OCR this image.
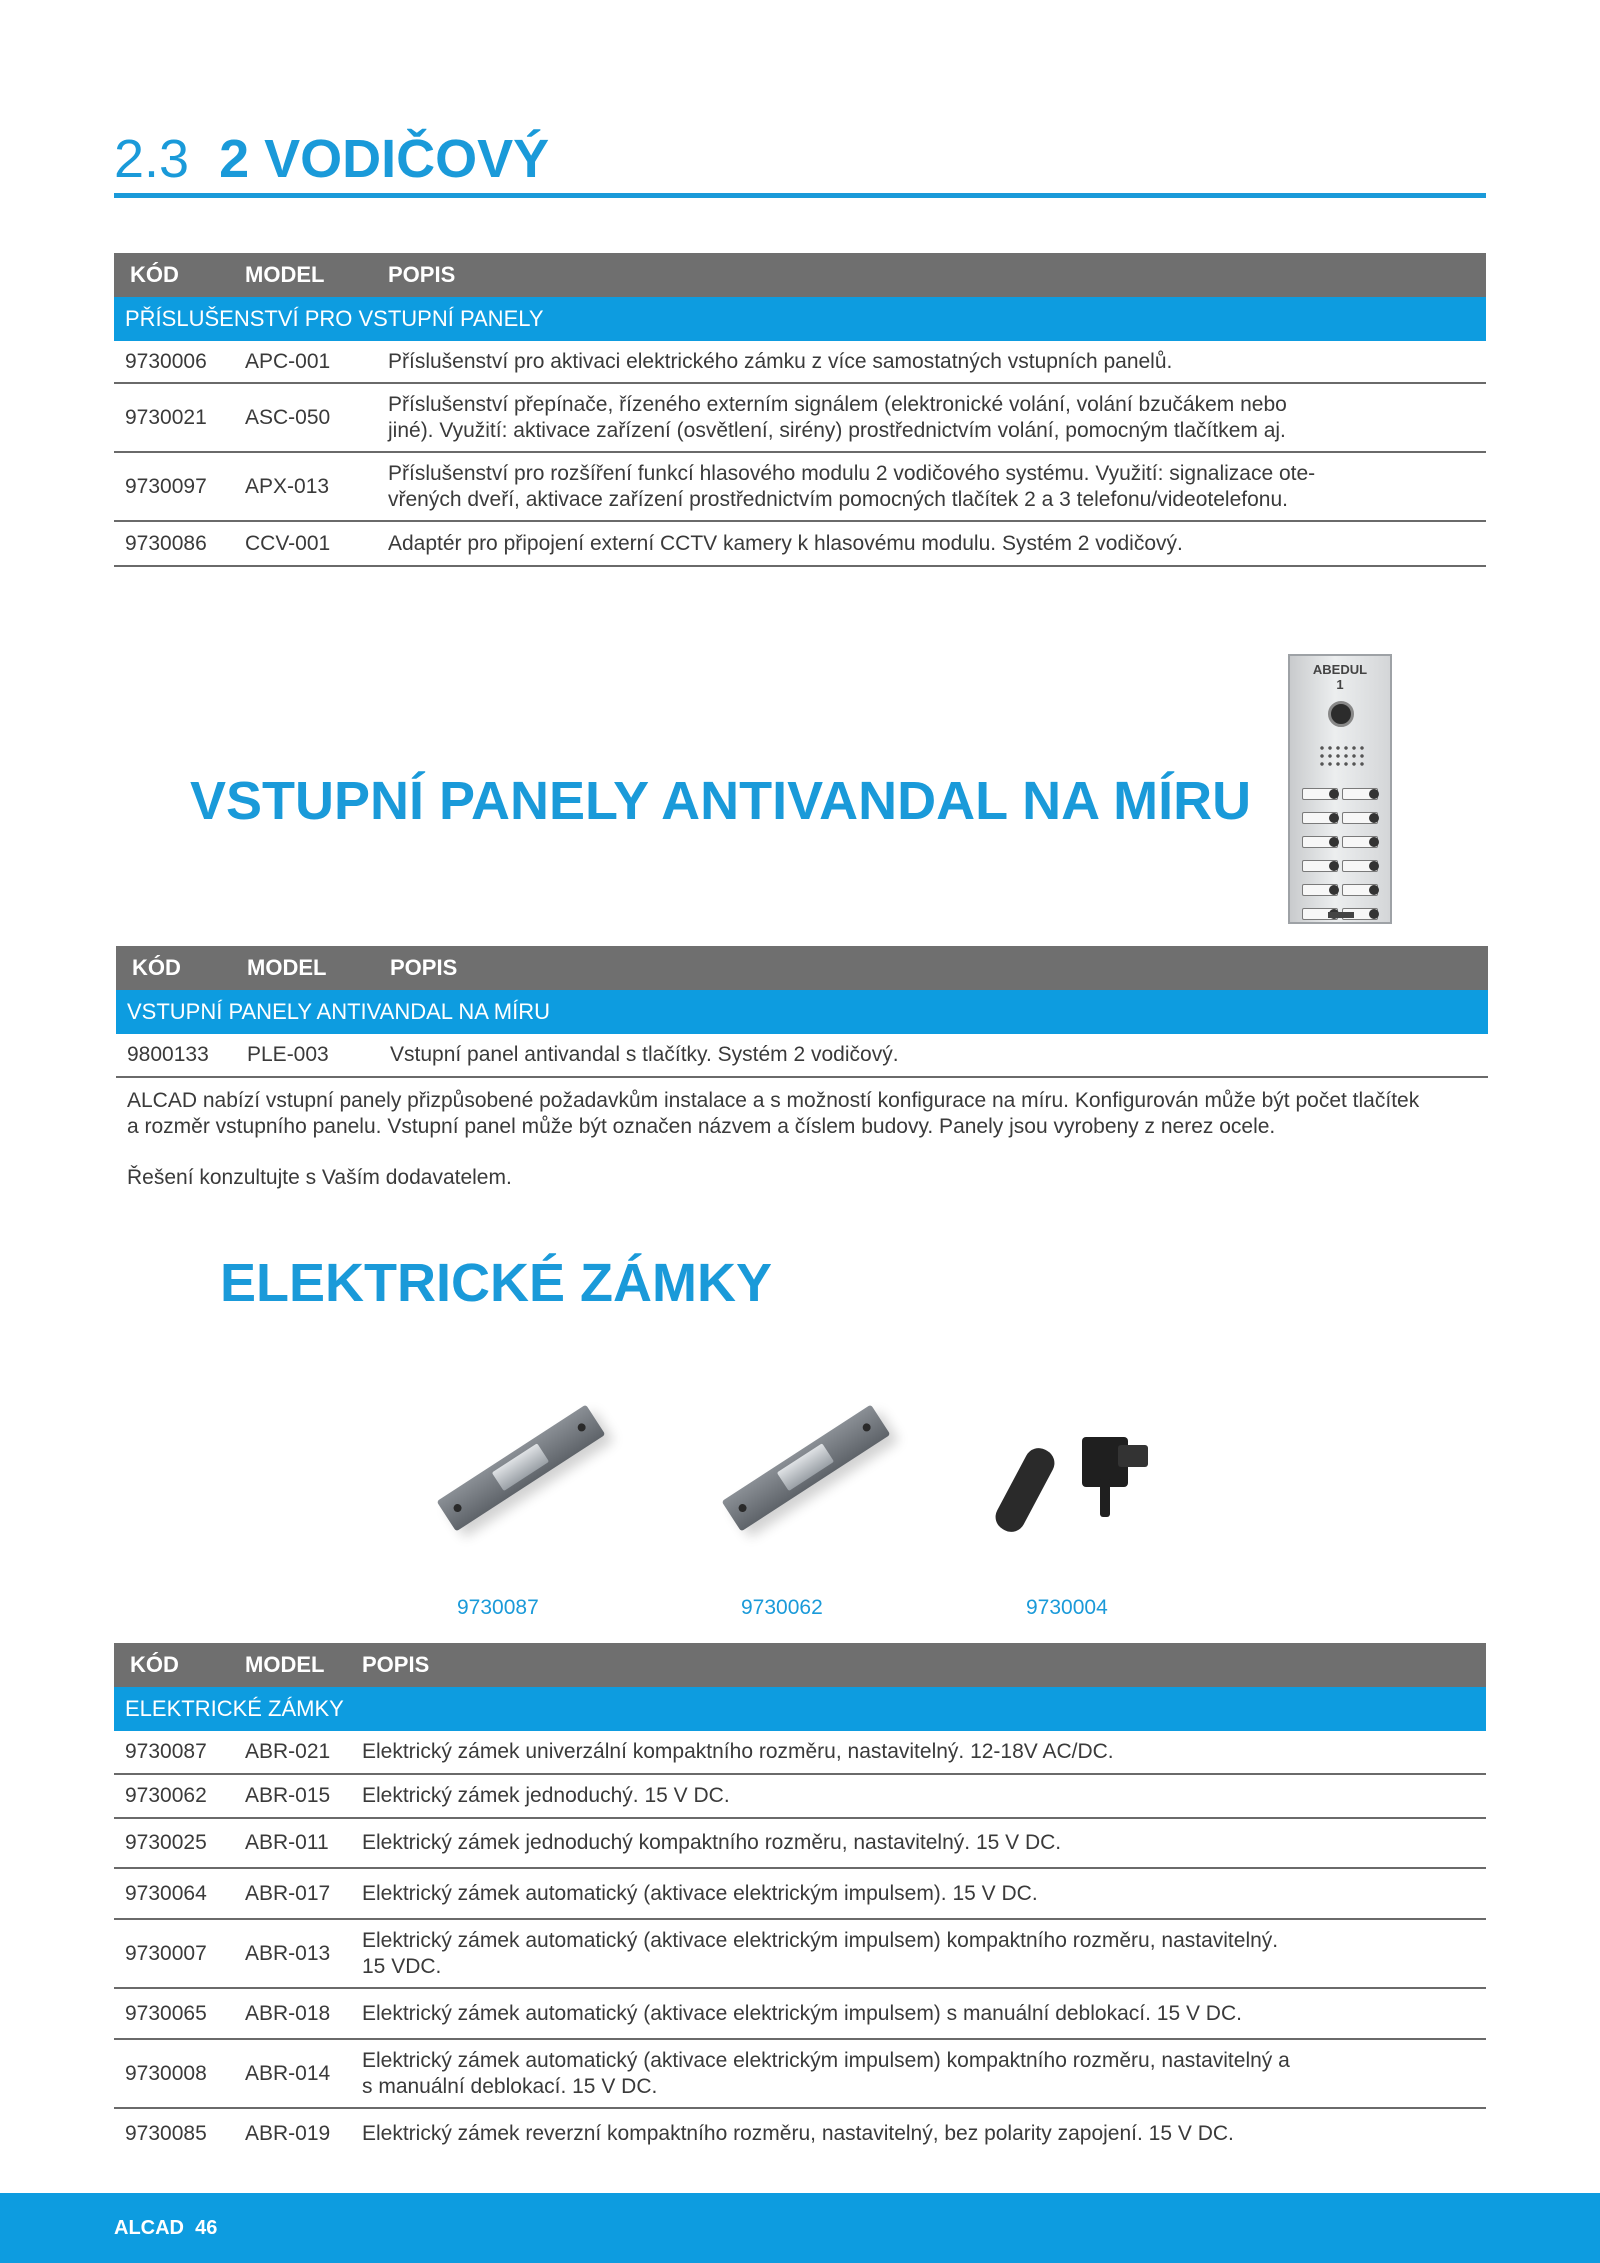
2.3 2 VODIČOVÝ
KÓD	MODEL	POPIS
PŘÍSLUŠENSTVÍ PRO VSTUPNÍ PANELY
9730006 APC-001	Příslušenství pro aktivaci elektrického zámku z více samostatných vstupních panelů.
9730021 ASC-050
Příslušenství přepínače, řízeného externím signálem (elektronické volání, volání bzučákem nebo
jiné). Využití: aktivace zařízení (osvětlení, sirény) prostřednictvím volání, pomocným tlačítkem aj.
9730097 APX-013
Příslušenství pro rozšíření funkcí hlasového modulu 2 vodičového systému. Využití: signalizace ote-
vřených dveří, aktivace zařízení prostřednictvím pomocných tlačítek 2 a 3 telefonu/videotelefonu.
9730086 CCV-001	Adaptér pro připojení externí CCTV kamery k hlasovému modulu. Systém 2 vodičový.
VSTUPNÍ PANELY ANTIVANDAL NA MÍRU
ABEDUL
1

KÓD	MODEL	POPIS
VSTUPNÍ PANELY ANTIVANDAL NA MÍRU
9800133 PLE-003	Vstupní panel antivandal s tlačítky. Systém 2 vodičový.
ALCAD nabízí vstupní panely přizpůsobené požadavkům instalace a s možností konfigurace na míru. Konfigurován může být počet tlačítek
a rozměr vstupního panelu. Vstupní panel může být označen názvem a číslem budovy. Panely jsou vyrobeny z nerez ocele.
Řešení konzultujte s Vaším dodavatelem.
ELEKTRICKÉ ZÁMKY
9730087	9730062	9730004
KÓD	MODEL POPIS
ELEKTRICKÉ ZÁMKY
9730087 ABR-021 Elektrický zámek univerzální kompaktního rozměru, nastavitelný. 12-18V AC/DC.
9730062 ABR-015 Elektrický zámek jednoduchý. 15 V DC.
9730025 ABR-011 Elektrický zámek jednoduchý kompaktního rozměru, nastavitelný. 15 V DC.
9730064 ABR-017 Elektrický zámek automatický (aktivace elektrickým impulsem). 15 V DC.
9730007 ABR-013
Elektrický zámek automatický (aktivace elektrickým impulsem) kompaktního rozměru, nastavitelný.
15 VDC.
9730065 ABR-018 Elektrický zámek automatický (aktivace elektrickým impulsem) s manuální deblokací. 15 V DC.
9730008 ABR-014
Elektrický zámek automatický (aktivace elektrickým impulsem) kompaktního rozměru, nastavitelný a
s manuální deblokací. 15 V DC.
9730085 ABR-019 Elektrický zámek reverzní kompaktního rozměru, nastavitelný, bez polarity zapojení. 15 V DC.
ALCAD 46
